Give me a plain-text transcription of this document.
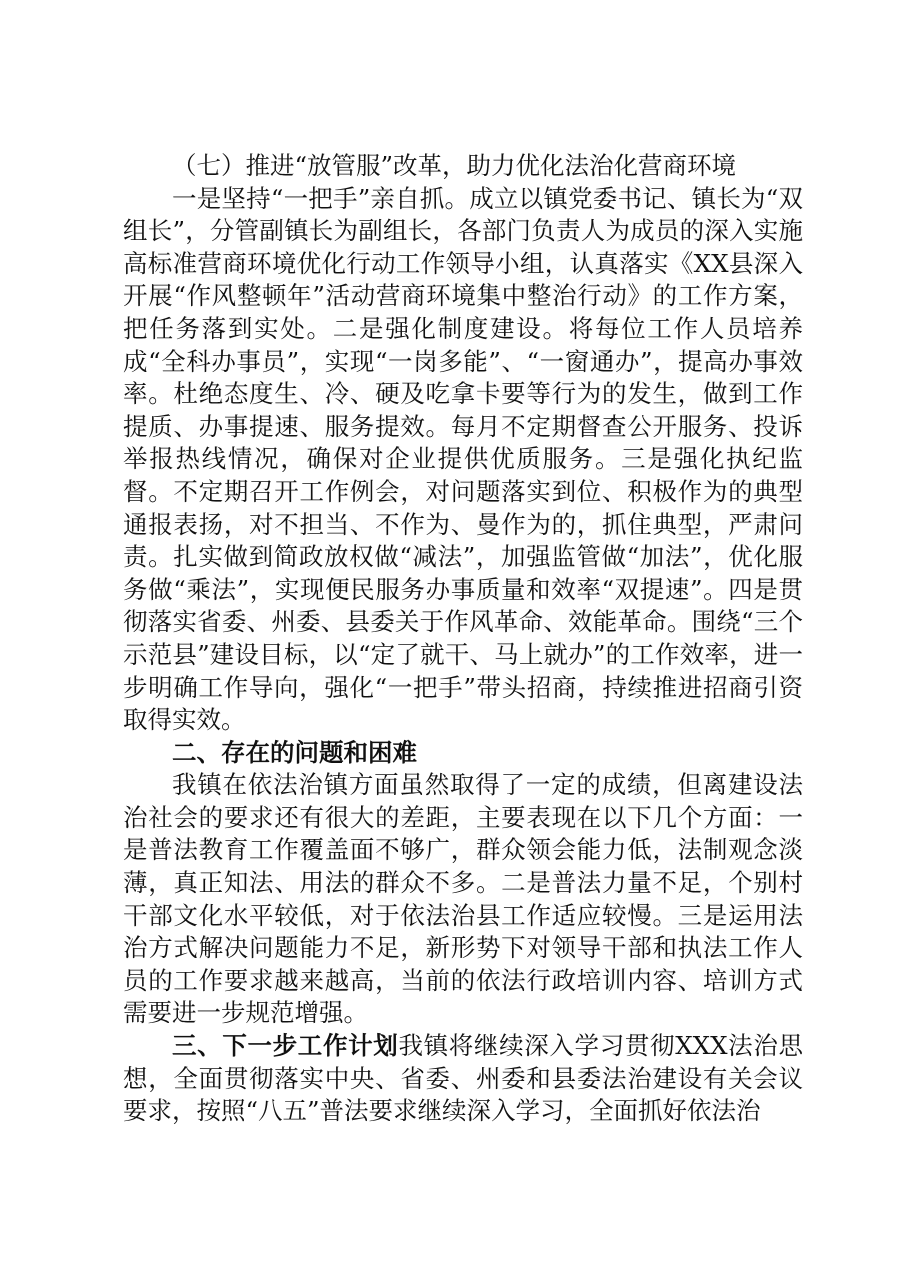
（七）推进“放管服”改革，助力优化法治化营商环境

一是坚持“一把手”亲自抓。成立以镇党委书记、镇长为“双组长”，分管副镇长为副组长，各部门负责人为成员的深入实施高标准营商环境优化行动工作领导小组，认真落实《XX县深入开展“作风整顿年”活动营商环境集中整治行动》的工作方案，把任务落到实处。二是强化制度建设。将每位工作人员培养成“全科办事员”，实现“一岗多能”、“一窗通办”，提高办事效率。杜绝态度生、冷、硬及吃拿卡要等行为的发生，做到工作提质、办事提速、服务提效。每月不定期督查公开服务、投诉举报热线情况，确保对企业提供优质服务。三是强化执纪监督。不定期召开工作例会，对问题落实到位、积极作为的典型通报表扬，对不担当、不作为、曼作为的，抓住典型，严肃问责。扎实做到简政放权做“减法”，加强监管做“加法”，优化服务做“乘法”，实现便民服务办事质量和效率“双提速”。四是贯彻落实省委、州委、县委关于作风革命、效能革命。围绕“三个示范县”建设目标，以“定了就干、马上就办”的工作效率，进一步明确工作导向，强化“一把手”带头招商，持续推进招商引资取得实效。

二、存在的问题和困难

我镇在依法治镇方面虽然取得了一定的成绩，但离建设法治社会的要求还有很大的差距，主要表现在以下几个方面：一是普法教育工作覆盖面不够广，群众领会能力低，法制观念淡薄，真正知法、用法的群众不多。二是普法力量不足，个别村干部文化水平较低，对于依法治县工作适应较慢。三是运用法治方式解决问题能力不足，新形势下对领导干部和执法工作人员的工作要求越来越高，当前的依法行政培训内容、培训方式需要进一步规范增强。

三、下一步工作计划我镇将继续深入学习贯彻XXX法治思想，全面贯彻落实中央、省委、州委和县委法治建设有关会议要求，按照“八五”普法要求继续深入学习，全面抓好依法治
